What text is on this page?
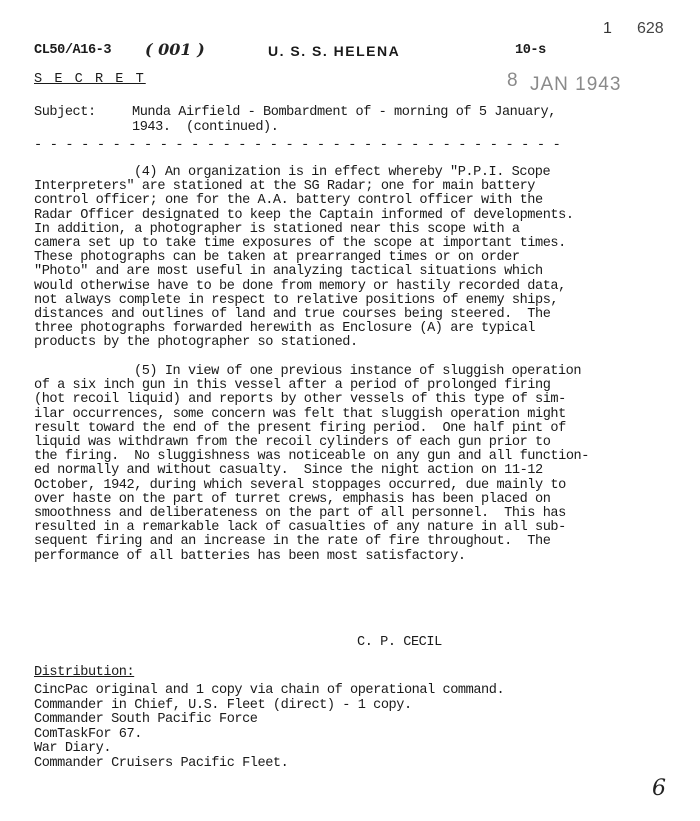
1 628
CL50/A16-3 ( 001 )	U. S. S. HELENA	10-s
S E C R E T	8 JAN 1943
Subject:	Munda Airfield - Bombardment of - morning of 5 January,
1943.  (continued).
- - - - - - - - - - - - - - - - - - - - - - - - - - - - - - - - - -
(4) An organization is in effect whereby "P.P.I. Scope
Interpreters" are stationed at the SG Radar; one for main battery
control officer; one for the A.A. battery control officer with the
Radar Officer designated to keep the Captain informed of developments.
In addition, a photographer is stationed near this scope with a
camera set up to take time exposures of the scope at important times.
These photographs can be taken at prearranged times or on order
"Photo" and are most useful in analyzing tactical situations which
would otherwise have to be done from memory or hastily recorded data,
not always complete in respect to relative positions of enemy ships,
distances and outlines of land and true courses being steered.  The
three photographs forwarded herewith as Enclosure (A) are typical
products by the photographer so stationed.
(5) In view of one previous instance of sluggish operation
of a six inch gun in this vessel after a period of prolonged firing
(hot recoil liquid) and reports by other vessels of this type of sim-
ilar occurrences, some concern was felt that sluggish operation might
result toward the end of the present firing period.  One half pint of
liquid was withdrawn from the recoil cylinders of each gun prior to
the firing.  No sluggishness was noticeable on any gun and all function-
ed normally and without casualty.  Since the night action on 11-12
October, 1942, during which several stoppages occurred, due mainly to
over haste on the part of turret crews, emphasis has been placed on
smoothness and deliberateness on the part of all personnel.  This has
resulted in a remarkable lack of casualties of any nature in all sub-
sequent firing and an increase in the rate of fire throughout.  The
performance of all batteries has been most satisfactory.
C. P. CECIL
Distribution:
CincPac original and 1 copy via chain of operational command.
Commander in Chief, U.S. Fleet (direct) - 1 copy.
Commander South Pacific Force
ComTaskFor 67.
War Diary.
Commander Cruisers Pacific Fleet.
6
